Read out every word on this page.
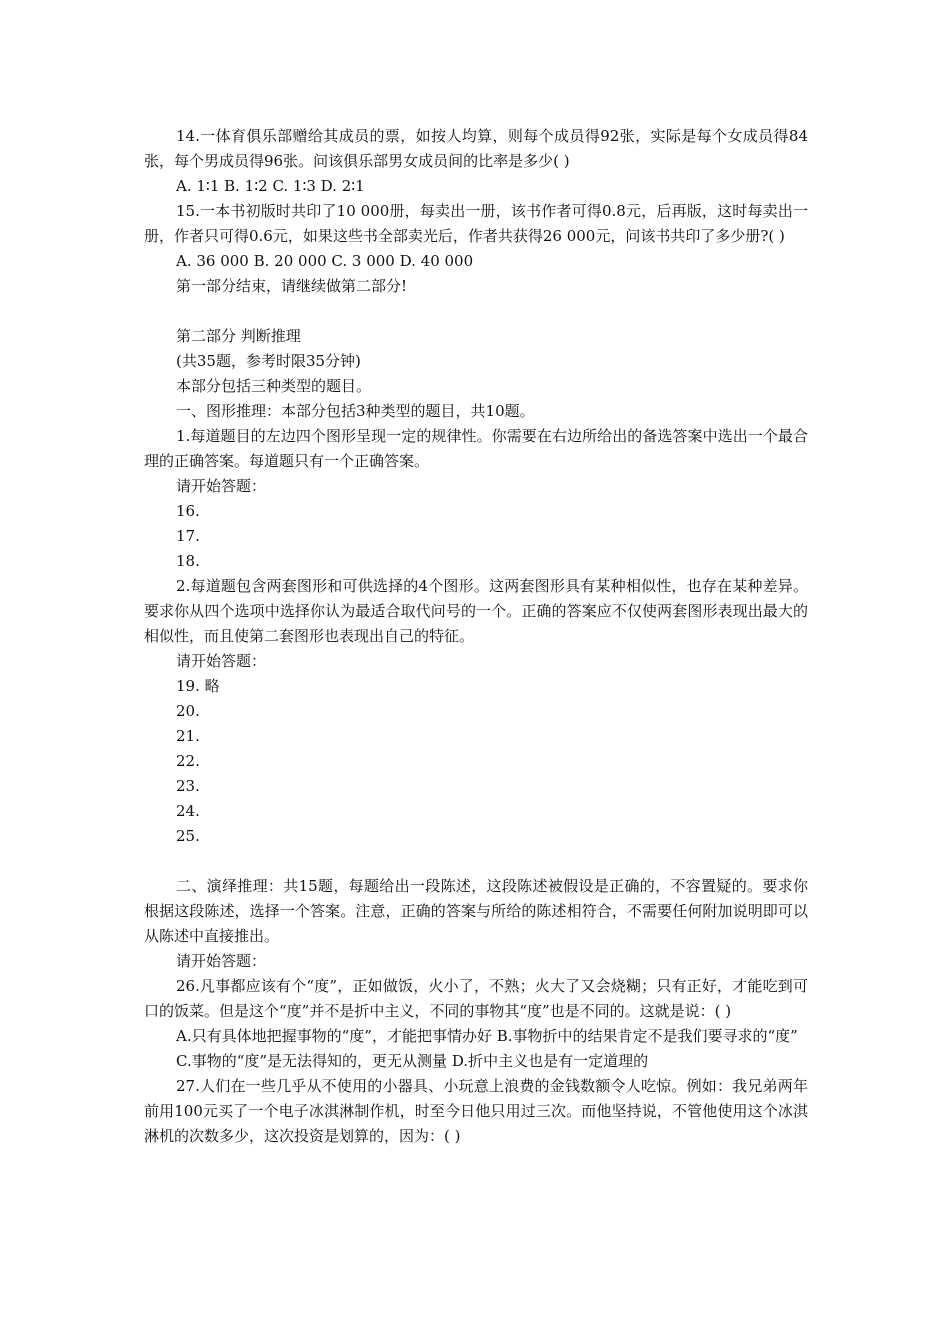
14.一体育俱乐部赠给其成员的票，如按人均算，则每个成员得92张，实际是每个女成员得84张，每个男成员得96张。问该俱乐部男女成员间的比率是多少( )

A. 1∶1 B. 1∶2 C. 1∶3 D. 2∶1

15.一本书初版时共印了10 000册，每卖出一册，该书作者可得0.8元，后再版，这时每卖出一册，作者只可得0.6元，如果这些书全部卖光后，作者共获得26 000元，问该书共印了多少册?( )

A. 36 000 B. 20 000 C. 3 000 D. 40 000

第一部分结束，请继续做第二部分!

第二部分 判断推理

(共35题，参考时限35分钟)

本部分包括三种类型的题目。

一、图形推理：本部分包括3种类型的题目，共10题。

1.每道题目的左边四个图形呈现一定的规律性。你需要在右边所给出的备选答案中选出一个最合理的正确答案。每道题只有一个正确答案。

请开始答题：

16.

17.

18.

2.每道题包含两套图形和可供选择的4个图形。这两套图形具有某种相似性，也存在某种差异。要求你从四个选项中选择你认为最适合取代问号的一个。正确的答案应不仅使两套图形表现出最大的相似性，而且使第二套图形也表现出自己的特征。

请开始答题：

19. 略

20.

21.

22.

23.

24.

25.

二、演绎推理：共15题，每题给出一段陈述，这段陈述被假设是正确的，不容置疑的。要求你根据这段陈述，选择一个答案。注意，正确的答案与所给的陈述相符合，不需要任何附加说明即可以从陈述中直接推出。

请开始答题：

26.凡事都应该有个“度”，正如做饭，火小了，不熟；火大了又会烧糊；只有正好，才能吃到可口的饭菜。但是这个“度”并不是折中主义，不同的事物其“度”也是不同的。这就是说：( )

A.只有具体地把握事物的“度”，才能把事情办好 B.事物折中的结果肯定不是我们要寻求的“度”

C.事物的“度”是无法得知的，更无从测量 D.折中主义也是有一定道理的

27.人们在一些几乎从不使用的小器具、小玩意上浪费的金钱数额令人吃惊。例如：我兄弟两年前用100元买了一个电子冰淇淋制作机，时至今日他只用过三次。而他坚持说，不管他使用这个冰淇淋机的次数多少，这次投资是划算的，因为：( )
